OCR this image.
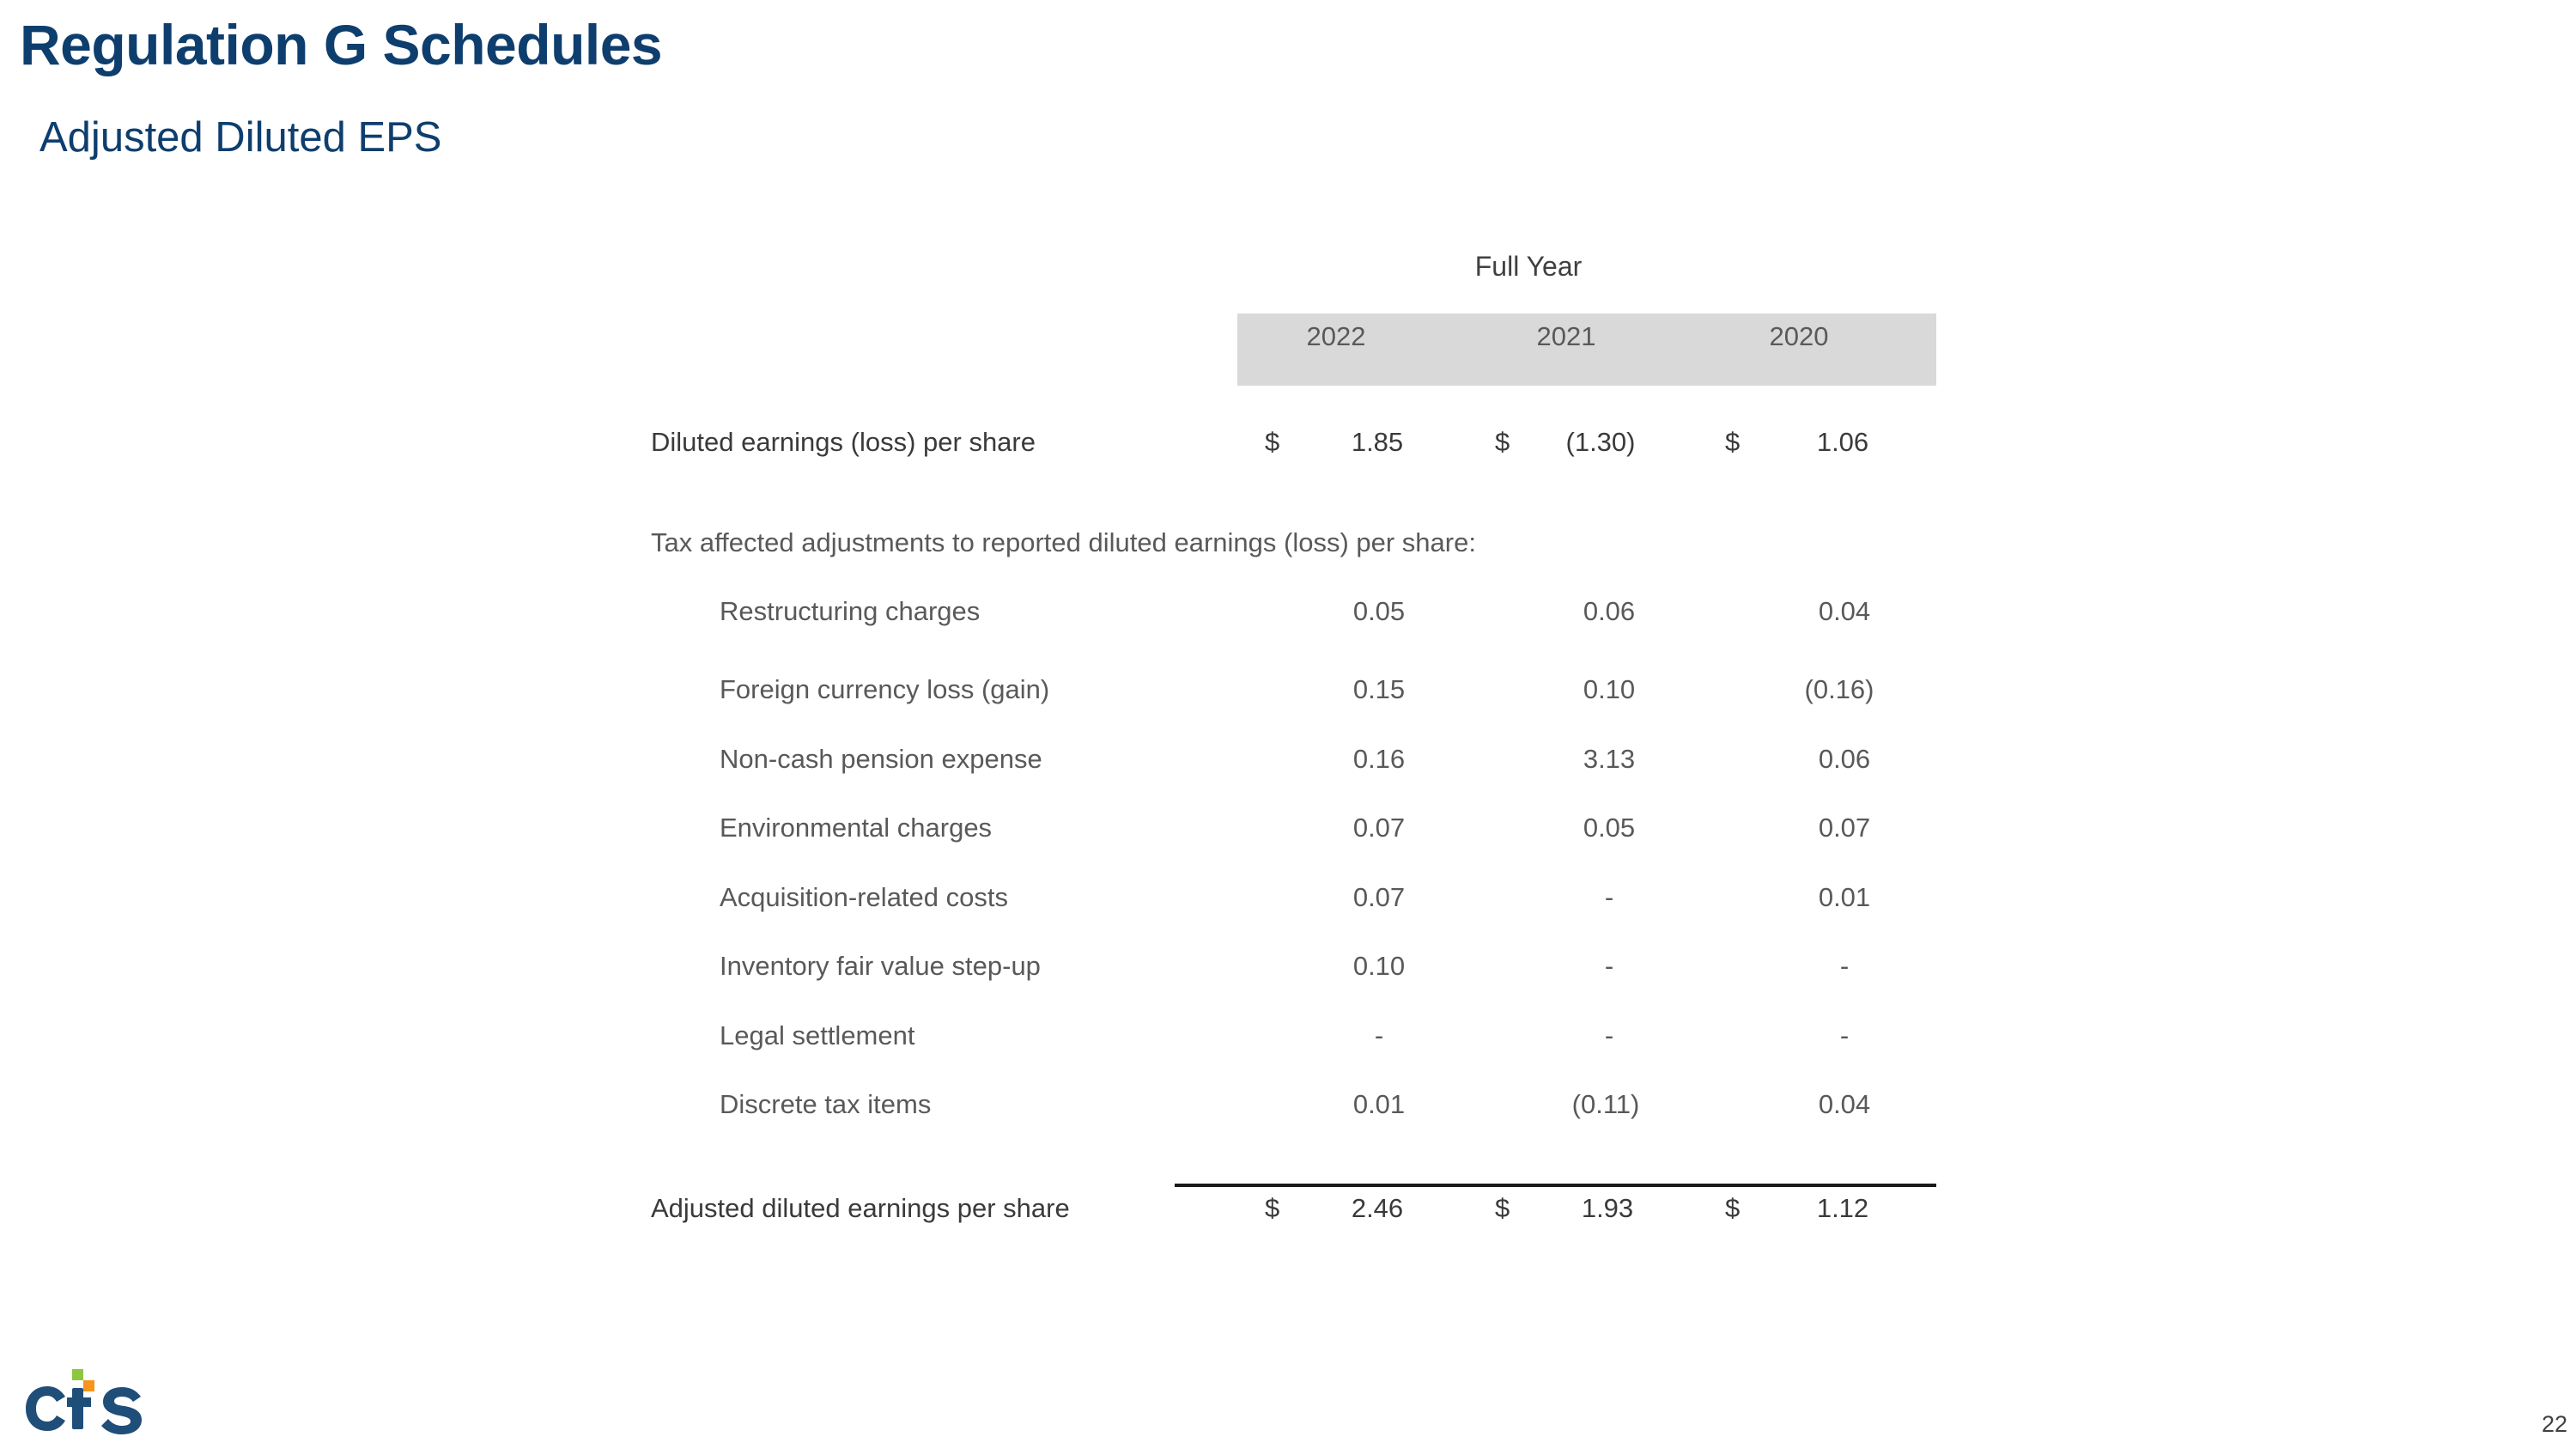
Regulation G Schedules
Adjusted Diluted EPS
Full Year
2022	2021	2020
Diluted earnings (loss) per share	$	1.85	$ (1.30)	$	1.06
Tax affected adjustments to reported diluted earnings (loss) per share:
Restructuring charges	0.05	0.06	0.04
Foreign currency loss (gain)	0.15	0.10	(0.16)
Non-cash pension expense	0.16	3.13	0.06
Environmental charges	0.07	0.05	0.07
Acquisition-related costs	0.07	-	0.01
Inventory fair value step-up	0.10	-	-
Legal settlement	-	-	-
Discrete tax items	0.01	(0.11)	0.04
Adjusted diluted earnings per share	$	2.46	$	1.93	$	1.12
22
